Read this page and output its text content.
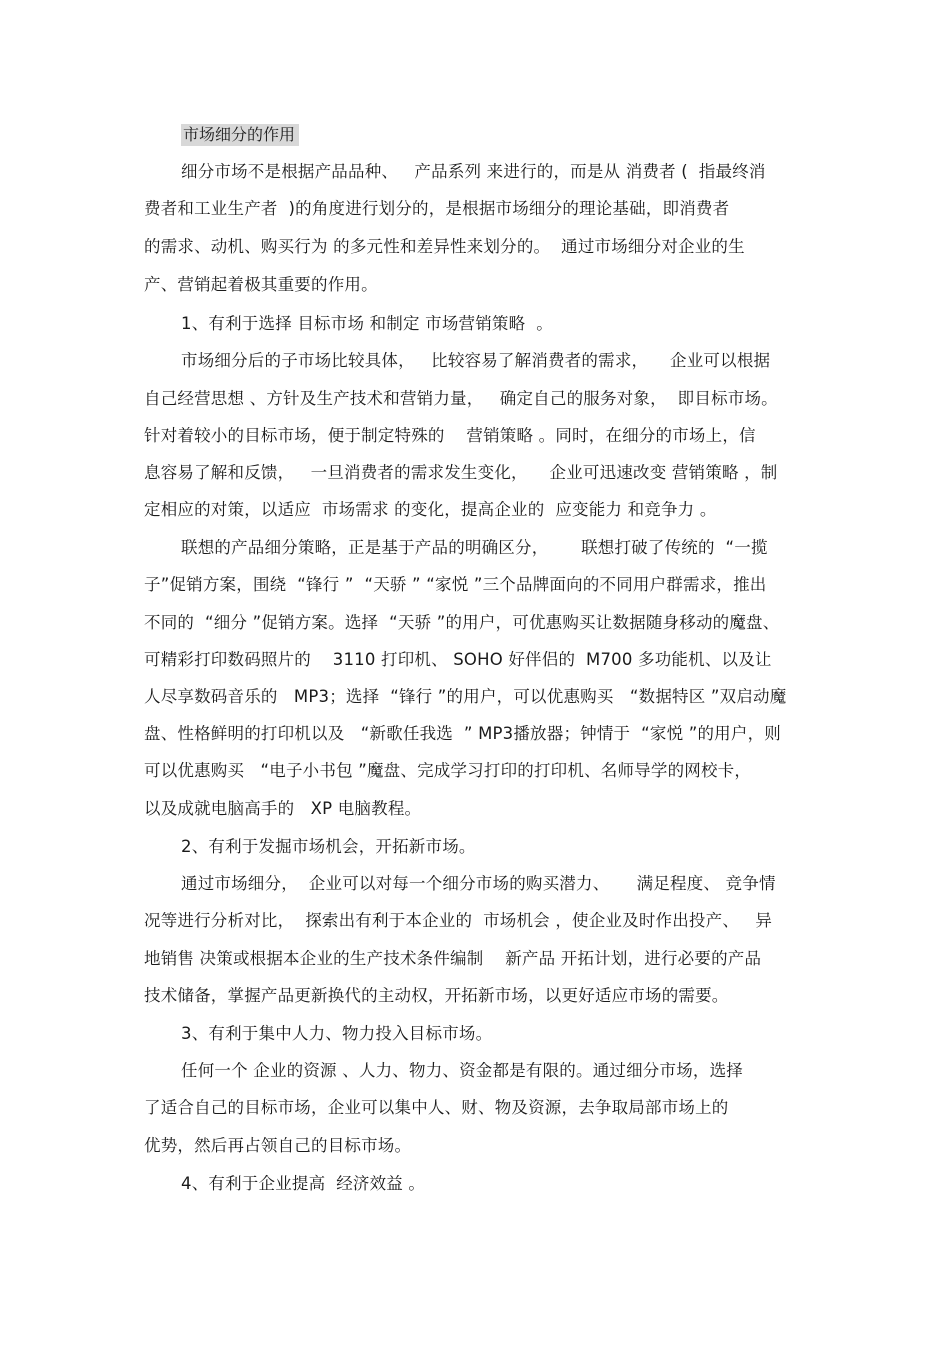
市场细分的作用
细分市场不是根据产品品种、   产品系列 来进行的，而是从 消费者 (  指最终消
费者和工业生产者  )的角度进行划分的，是根据市场细分的理论基础，即消费者
的需求、动机、购买行为 的多元性和差异性来划分的。  通过市场细分对企业的生
产、营销起着极其重要的作用。
1、有利于选择 目标市场 和制定 市场营销策略  。
市场细分后的子市场比较具体，   比较容易了解消费者的需求，    企业可以根据
自己经营思想 、方针及生产技术和营销力量，   确定自己的服务对象，  即目标市场。
针对着较小的目标市场，便于制定特殊的    营销策略 。同时，在细分的市场上，信
息容易了解和反馈，   一旦消费者的需求发生变化，    企业可迅速改变 营销策略 ，制
定相应的对策，以适应  市场需求 的变化，提高企业的  应变能力 和竞争力 。
联想的产品细分策略，正是基于产品的明确区分，      联想打破了传统的  “一揽
子”促销方案，围绕  “锋行 ”  “天骄 ” “家悦 ”三个品牌面向的不同用户群需求，推出
不同的  “细分 ”促销方案。选择  “天骄 ”的用户，可优惠购买让数据随身移动的魔盘、
可精彩打印数码照片的    3110 打印机、 SOHO 好伴侣的  M700 多功能机、以及让
人尽享数码音乐的   MP3；选择  “锋行 ”的用户，可以优惠购买   “数据特区 ”双启动魔
盘、性格鲜明的打印机以及   “新歌任我选  ” MP3播放器；钟情于  “家悦 ”的用户，则
可以优惠购买   “电子小书包 ”魔盘、完成学习打印的打印机、名师导学的网校卡，
以及成就电脑高手的   XP 电脑教程。
2、有利于发掘市场机会，开拓新市场。
通过市场细分，  企业可以对每一个细分市场的购买潜力、     满足程度、 竞争情
况等进行分析对比，  探索出有利于本企业的  市场机会 ，使企业及时作出投产、   异
地销售 决策或根据本企业的生产技术条件编制    新产品 开拓计划，进行必要的产品
技术储备，掌握产品更新换代的主动权，开拓新市场，以更好适应市场的需要。
3、有利于集中人力、物力投入目标市场。
任何一个 企业的资源 、人力、物力、资金都是有限的。通过细分市场，选择
了适合自己的目标市场，企业可以集中人、财、物及资源，去争取局部市场上的
优势，然后再占领自己的目标市场。
4、有利于企业提高  经济效益 。
